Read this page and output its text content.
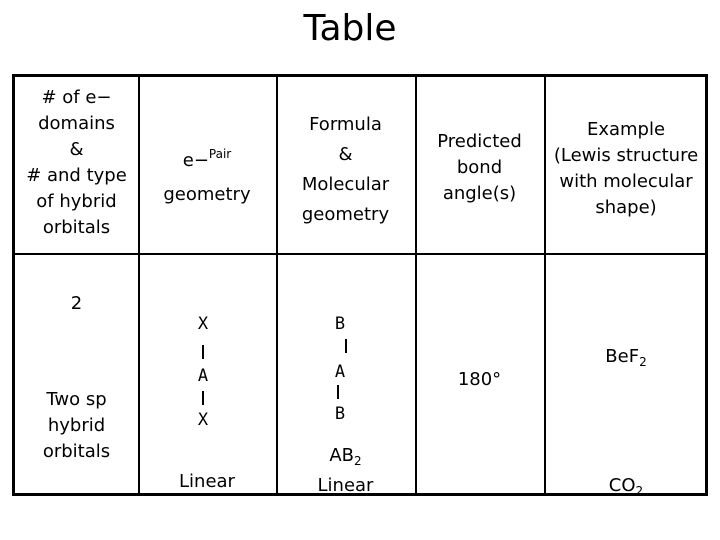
Table
# of e−
domains
&
# and type
of hybrid
orbitals
e−$^{Pair}$
geometry
Formula
&
Molecular
geometry
Predicted
bond
angle(s)
Example
(Lewis structure
with molecular
shape)
2
Two sp
hybrid
orbitals
X
A
X
Linear
B
A
B
$AB_2$
Linear
180°
BeF$_2$
$CO_2$
